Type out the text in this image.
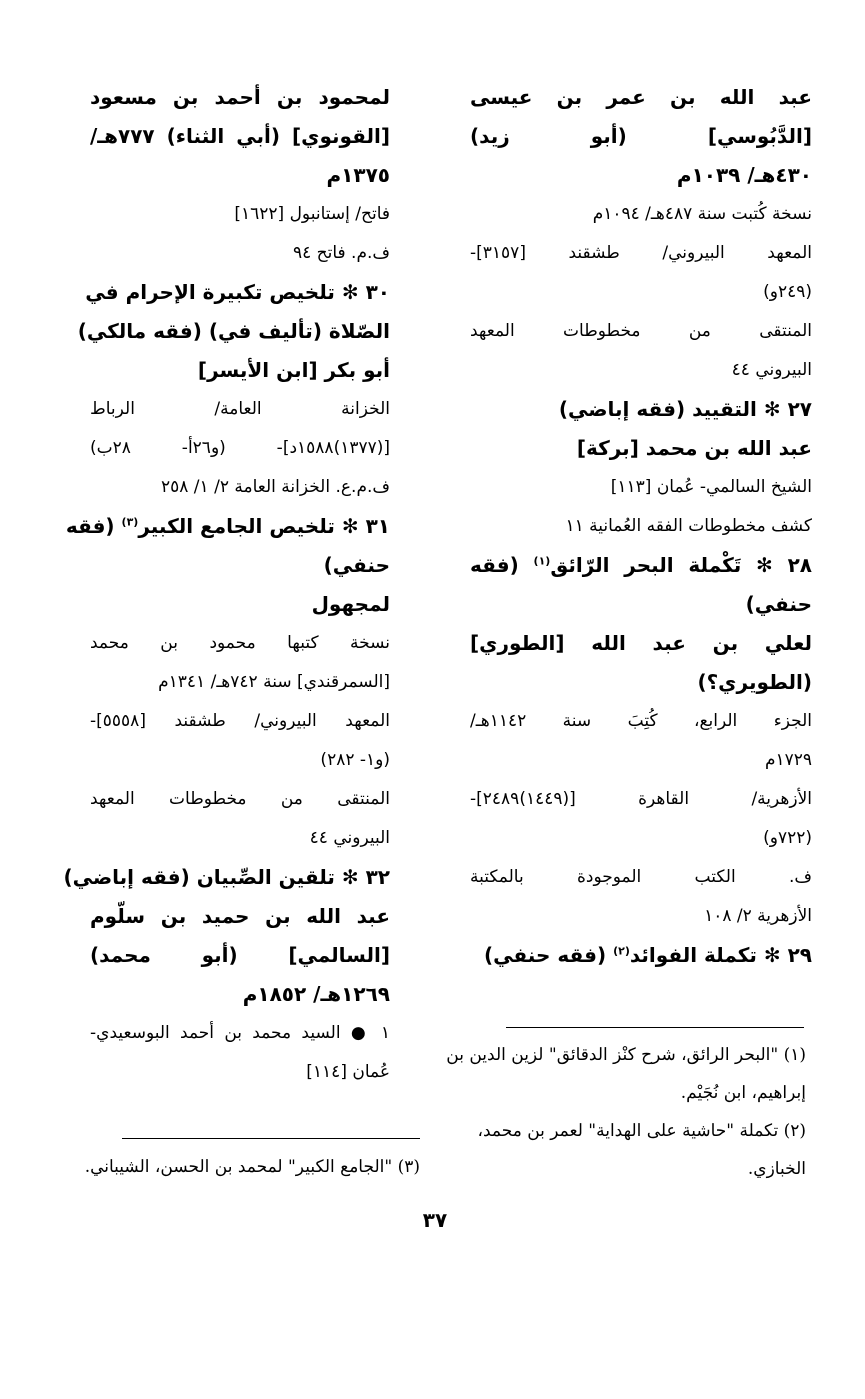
عبد الله بن عمر بن عيسى
[الدَّبُوسي] (أبو زيد)
٤٣٠هـ/ ١٠٣٩م
نسخة كُتبت سنة ٤٨٧هـ/ ١٠٩٤م
المعهد البيروني/ طشقند [٣١٥٧]-
(٢٤٩و)
المنتقى من مخطوطات المعهد
البيروني ٤٤
٢٧ ✻ التقييد (فقه إباضي)
عبد الله بن محمد [بركة]
الشيخ السالمي- عُمان [١١٣]
كشف مخطوطات الفقه العُمانية ١١
٢٨ ✻ تَكْملة البحر الرّائق$^{(١)}$ (فقه
حنفي)
لعلي بن عبد الله [الطوري]
(الطويري؟)
الجزء الرابع، كُتِبَ سنة ١١٤٢هـ/
١٧٢٩م
الأزهرية/ القاهرة [(١٤٤٩)٢٤٨٩]-
(٧٢٢و)
ف. الكتب الموجودة بالمكتبة
الأزهرية ٢/ ١٠٨
٢٩ ✻ تكملة الفوائد$^{(٢)}$ (فقه حنفي)
لمحمود بن أحمد بن مسعود
[القونوي] (أبي الثناء) ٧٧٧هـ/
١٣٧٥م
فاتح/ إستانبول [١٦٢٢]
ف.م. فاتح ٩٤
٣٠ ✻ تلخيص تكبيرة الإحرام في
الصّلاة (تأليف في) (فقه مالكي)
أبو بكر [ابن الأيسر]
الخزانة العامة/ الرباط
[(١٣٧٧)١٥٨٨د]- (و٢٦أ- ٢٨ب)
ف.م.ع. الخزانة العامة ٢/ ١/ ٢٥٨
٣١ ✻ تلخيص الجامع الكبير$^{(٣)}$ (فقه
حنفي)
لمجهول
نسخة كتبها محمود بن محمد
[السمرقندي] سنة ٧٤٢هـ/ ١٣٤١م
المعهد البيروني/ طشقند [٥٥٥٨]-
(و١- ٢٨٢)
المنتقى من مخطوطات المعهد
البيروني ٤٤
٣٢ ✻ تلقين الصِّبيان (فقه إباضي)
عبد الله بن حميد بن سلّوم
[السالمي] (أبو محمد)
١٢٦٩هـ/ ١٨٥٢م
١ ● السيد محمد بن أحمد البوسعيدي-
عُمان [١١٤]
(١) "البحر الرائق، شرح كنْز الدقائق" لزين الدين بن
إبراهيم، ابن نُجَيْم.
(٢) تكملة "حاشية على الهداية" لعمر بن محمد،
الخبازي.
(٣) "الجامع الكبير" لمحمد بن الحسن، الشيباني.
٣٧
